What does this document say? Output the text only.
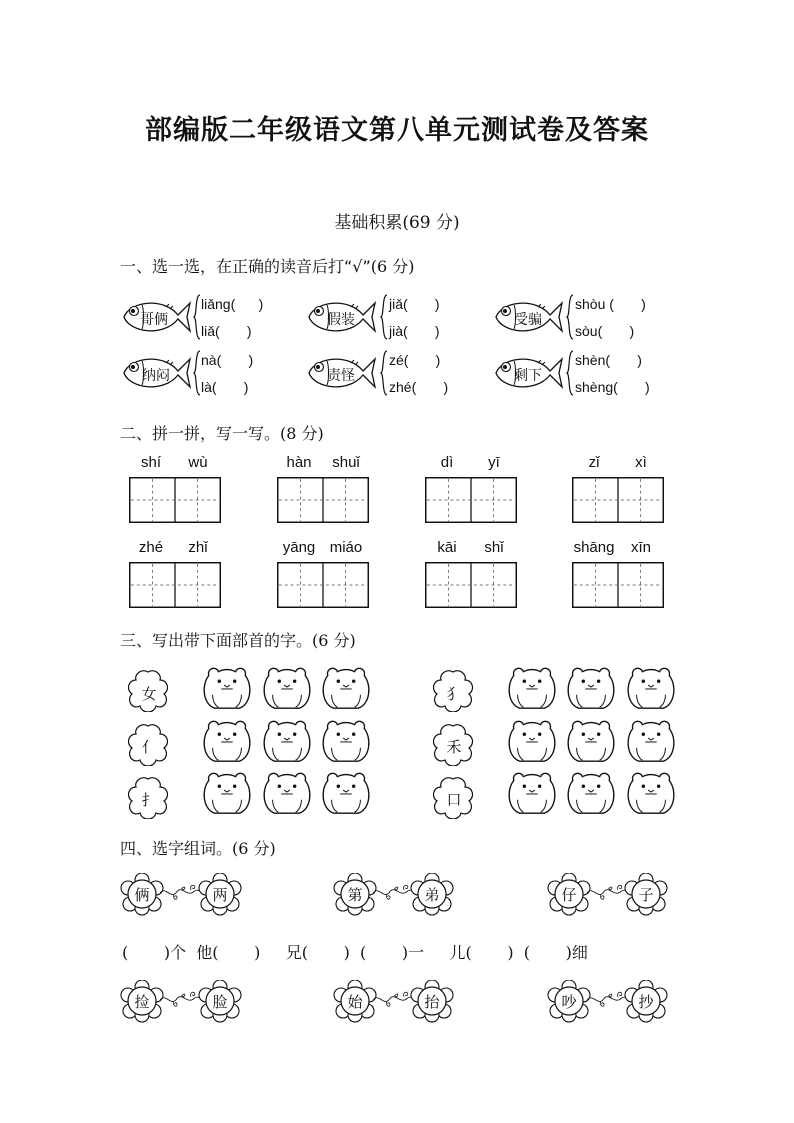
部编版二年级语文第八单元测试卷及答案
基础积累(69 分)
一、选一选，在正确的读音后打“√”(6 分)
哥俩
liǎng(      )
liǎ(       )
假装
jiǎ(       )
jià(       )
受骗
shòu (       )
sòu(       )
纳闷
nà(       )
là(       )
责怪
zé(       )
zhé(       )
剩下
shèn(       )
shèng(       )
二、拼一拼，写一写。(8 分)
shí	wù	hàn	shuǐ	dì	yī	zǐ	xì
zhé	zhǐ	yāng miáo	kāi	shǐ	shāng	xīn
三、写出带下面部首的字。(6 分)
女
亻
扌
犭
禾
口
四、选字组词。(6 分)
俩	两	第	弟	仔	子
(       )个  他(       )     兄(       )  (       )一     儿(       )  (       )细
捡	脸	始	抬	吵	抄
